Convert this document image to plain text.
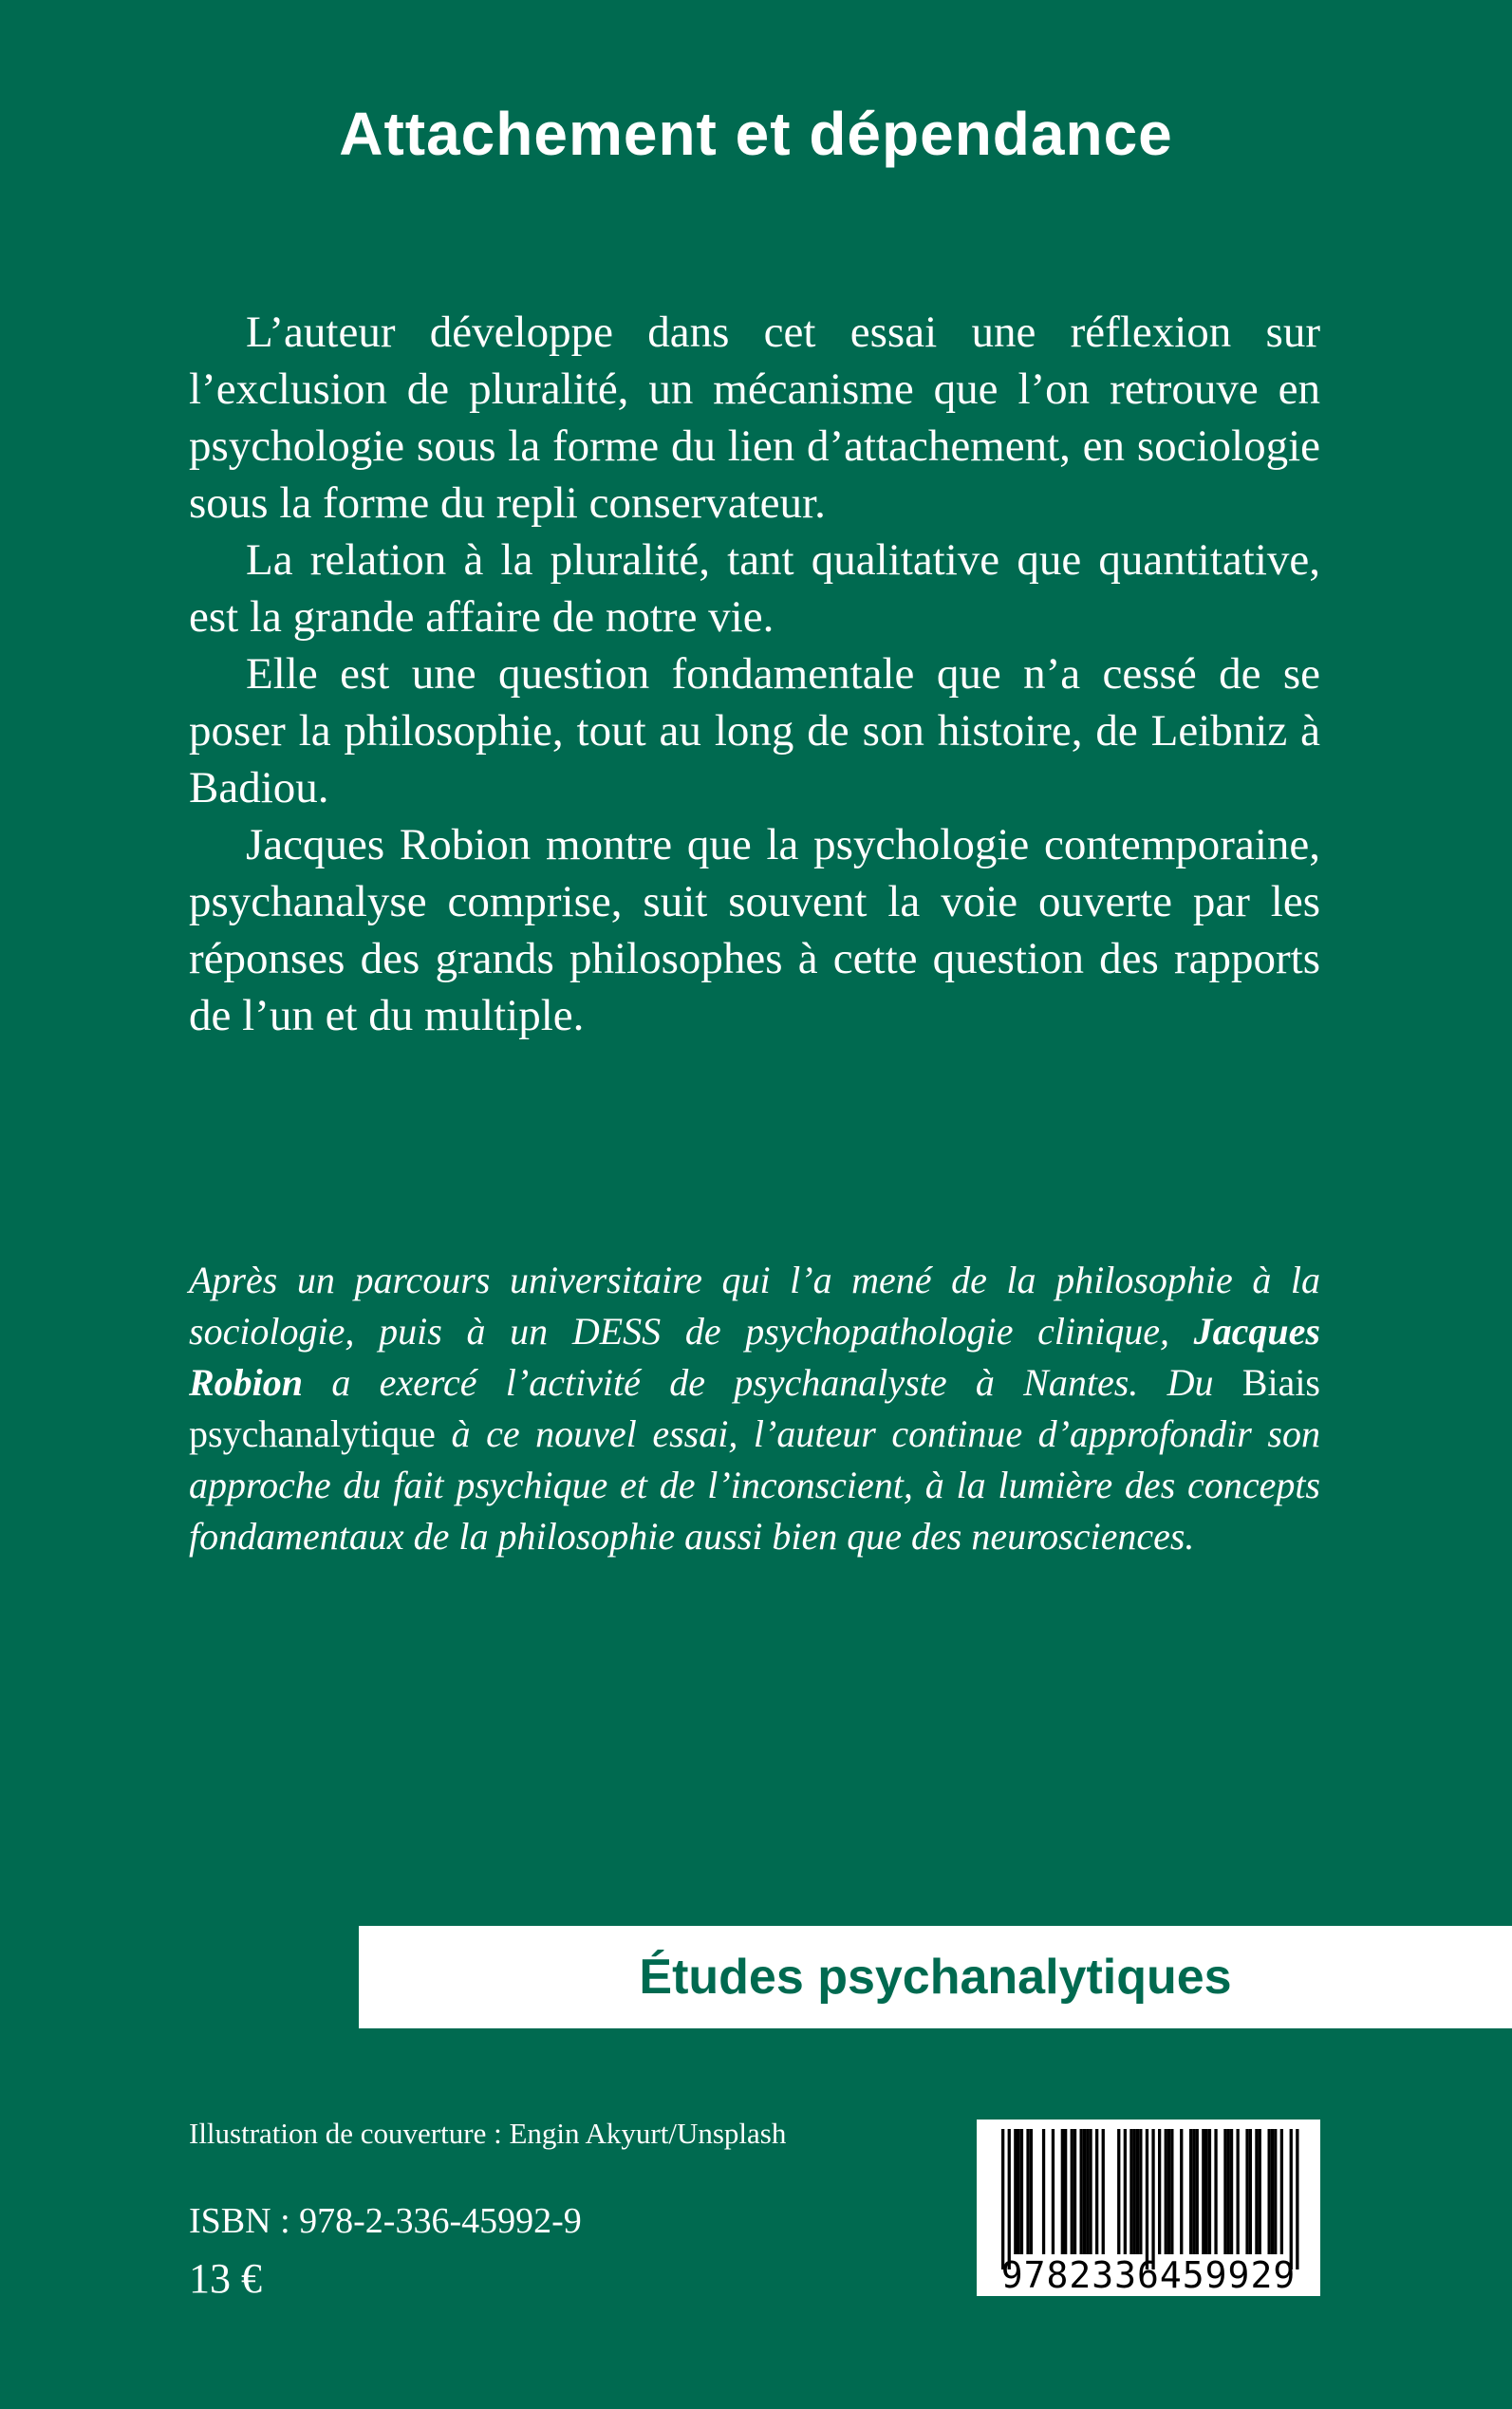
Attachement et dépendance

L’auteur développe dans cet essai une réflexion sur l’exclusion de pluralité, un mécanisme que l’on retrouve en psychologie sous la forme du lien d’attachement, en sociologie sous la forme du repli conservateur.

La relation à la pluralité, tant qualitative que quantitative, est la grande affaire de notre vie.

Elle est une question fondamentale que n’a cessé de se poser la philosophie, tout au long de son histoire, de Leibniz à Badiou.

Jacques Robion montre que la psychologie contemporaine, psychanalyse comprise, suit souvent la voie ouverte par les réponses des grands philosophes à cette question des rapports de l’un et du multiple.

Après un parcours universitaire qui l’a mené de la philosophie à la sociologie, puis à un DESS de psychopathologie clinique, Jacques Robion a exercé l’activité de psychanalyste à Nantes. Du Biais psychanalytique à ce nouvel essai, l’auteur continue d’approfondir son approche du fait psychique et de l’inconscient, à la lumière des concepts fondamentaux de la philosophie aussi bien que des neurosciences.

Études psychanalytiques
Illustration de couverture : Engin Akyurt/Unsplash
ISBN : 978-2-336-45992-9
13 €	9782336459929
